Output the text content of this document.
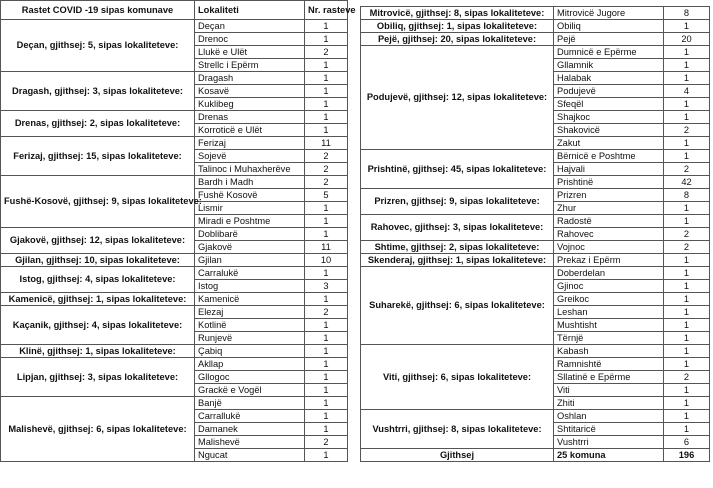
Rastet COVID -19 sipas komunave	Lokaliteti	Nr. rasteve
Deçan, gjithsej: 5, sipas lokaliteteve:	Deçan	1
	Drenoc	1
	Llukë e Ulët	2
	Strellc i Epërm	1
Dragash, gjithsej: 3, sipas lokaliteteve:	Dragash	1
	Kosavë	1
	Kuklibeg	1
Drenas, gjithsej: 2, sipas lokaliteteve:	Drenas	1
	Korroticë e Ulët	1
Ferizaj, gjithsej: 15, sipas lokaliteteve:	Ferizaj	11
	Sojevë	2
	Talinoc i Muhaxherëve	2
Fushë-Kosovë, gjithsej: 9, sipas lokaliteteve:	Bardh i Madh	2
	Fushë Kosovë	5
	Lismir	1
	Miradi e Poshtme	1
Gjakovë, gjithsej: 12, sipas lokaliteteve:	Doblibarë	1
	Gjakovë	11
Gjilan, gjithsej: 10, sipas lokaliteteve:	Gjilan	10
Istog, gjithsej: 4, sipas lokaliteteve:	Carralukë	1
	Istog	3
Kamenicë, gjithsej: 1, sipas lokaliteteve:	Kamenicë	1
Kaçanik, gjithsej: 4, sipas lokaliteteve:	Elezaj	2
	Kotlinë	1
	Runjevë	1
Klinë, gjithsej: 1, sipas lokaliteteve:	Çabiq	1
Lipjan, gjithsej: 3, sipas lokaliteteve:	Akllap	1
	Gllogoc	1
	Grackë e Vogël	1
Malishevë, gjithsej: 6, sipas lokaliteteve:	Banjë	1
	Carrallukë	1
	Damanek	1
	Malishevë	2
	Ngucat	1
Mitrovicë, gjithsej: 8, sipas lokaliteteve:	Mitrovicë Jugore	8
Obiliq, gjithsej: 1, sipas lokaliteteve:	Obiliq	1
Pejë, gjithsej: 20, sipas lokaliteteve:	Pejë	20
Podujevë, gjithsej: 12, sipas lokaliteteve:	Dumnicë e Epërme	1
	Gllamnik	1
	Halabak	1
	Podujevë	4
	Sfeqël	1
	Shajkoc	1
	Shakovicë	2
	Zakut	1
Prishtinë, gjithsej: 45, sipas lokaliteteve:	Bërnicë e Poshtme	1
	Hajvali	2
	Prishtinë	42
Prizren, gjithsej: 9, sipas lokaliteteve:	Prizren	8
	Zhur	1
Rahovec, gjithsej: 3, sipas lokaliteteve:	Radostë	1
	Rahovec	2
Shtime, gjithsej: 2, sipas lokaliteteve:	Vojnoc	2
Skenderaj, gjithsej: 1, sipas lokaliteteve:	Prekaz i Epërm	1
Suharekë, gjithsej: 6, sipas lokaliteteve:	Doberdelan	1
	Gjinoc	1
	Greikoc	1
	Leshan	1
	Mushtisht	1
	Tërnjë	1
Viti, gjithsej: 6, sipas lokaliteteve:	Kabash	1
	Ramnishtë	1
	Sllatinë e Epërme	2
	Viti	1
	Zhiti	1
Vushtrri, gjithsej: 8, sipas lokaliteteve:	Oshlan	1
	Shtitaricë	1
	Vushtrri	6
Gjithsej	25 komuna	196
